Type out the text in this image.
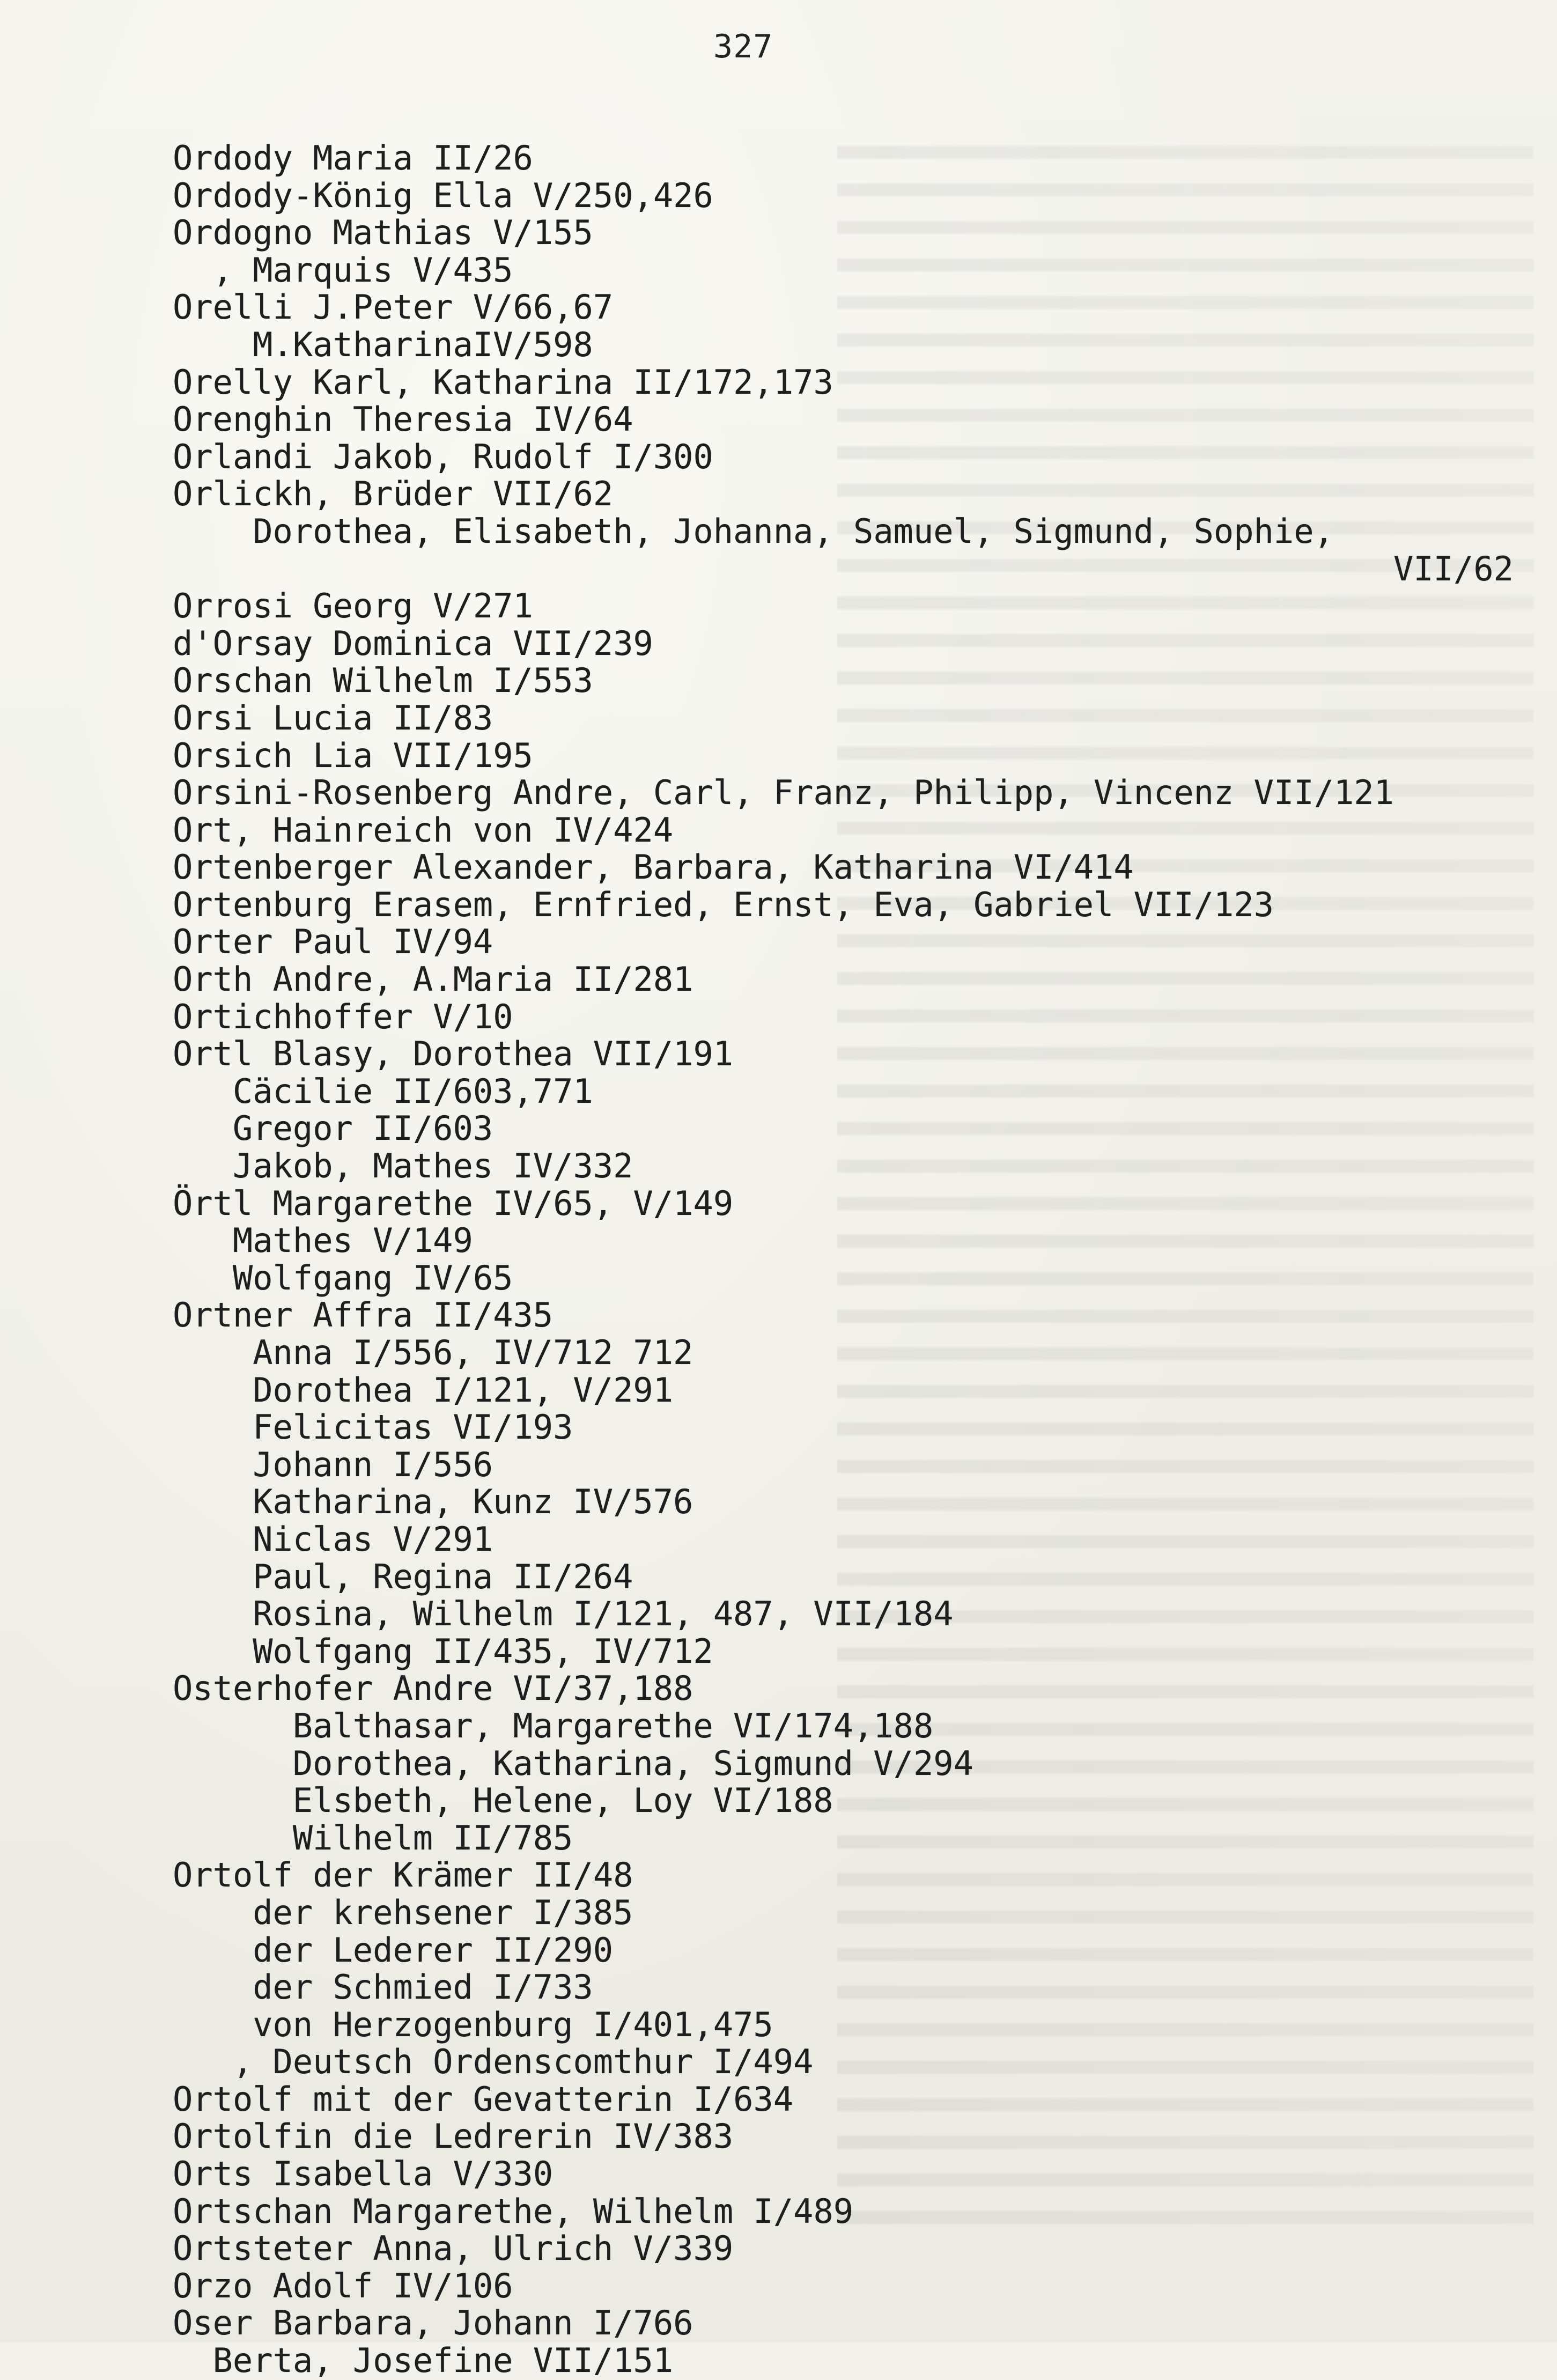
327
Ordody Maria II/26
Ordody-König Ella V/250,426
Ordogno Mathias V/155
, Marquis V/435
Orelli J.Peter V/66,67
M.KatharinaIV/598
Orelly Karl, Katharina II/172,173
Orenghin Theresia IV/64
Orlandi Jakob, Rudolf I/300
Orlickh, Brüder VII/62
Dorothea, Elisabeth, Johanna, Samuel, Sigmund, Sophie,
VII/62
Orrosi Georg V/271
d'Orsay Dominica VII/239
Orschan Wilhelm I/553
Orsi Lucia II/83
Orsich Lia VII/195
Orsini-Rosenberg Andre, Carl, Franz, Philipp, Vincenz VII/121
Ort, Hainreich von IV/424
Ortenberger Alexander, Barbara, Katharina VI/414
Ortenburg Erasem, Ernfried, Ernst, Eva, Gabriel VII/123
Orter Paul IV/94
Orth Andre, A.Maria II/281
Ortichhoffer V/10
Ortl Blasy, Dorothea VII/191
Cäcilie II/603,771
Gregor II/603
Jakob, Mathes IV/332
Örtl Margarethe IV/65, V/149
Mathes V/149
Wolfgang IV/65
Ortner Affra II/435
Anna I/556, IV/712 712
Dorothea I/121, V/291
Felicitas VI/193
Johann I/556
Katharina, Kunz IV/576
Niclas V/291
Paul, Regina II/264
Rosina, Wilhelm I/121, 487, VII/184
Wolfgang II/435, IV/712
Osterhofer Andre VI/37,188
Balthasar, Margarethe VI/174,188
Dorothea, Katharina, Sigmund V/294
Elsbeth, Helene, Loy VI/188
Wilhelm II/785
Ortolf der Krämer II/48
der krehsener I/385
der Lederer II/290
der Schmied I/733
von Herzogenburg I/401,475
, Deutsch Ordenscomthur I/494
Ortolf mit der Gevatterin I/634
Ortolfin die Ledrerin IV/383
Orts Isabella V/330
Ortschan Margarethe, Wilhelm I/489
Ortsteter Anna, Ulrich V/339
Orzo Adolf IV/106
Oser Barbara, Johann I/766
Berta, Josefine VII/151
